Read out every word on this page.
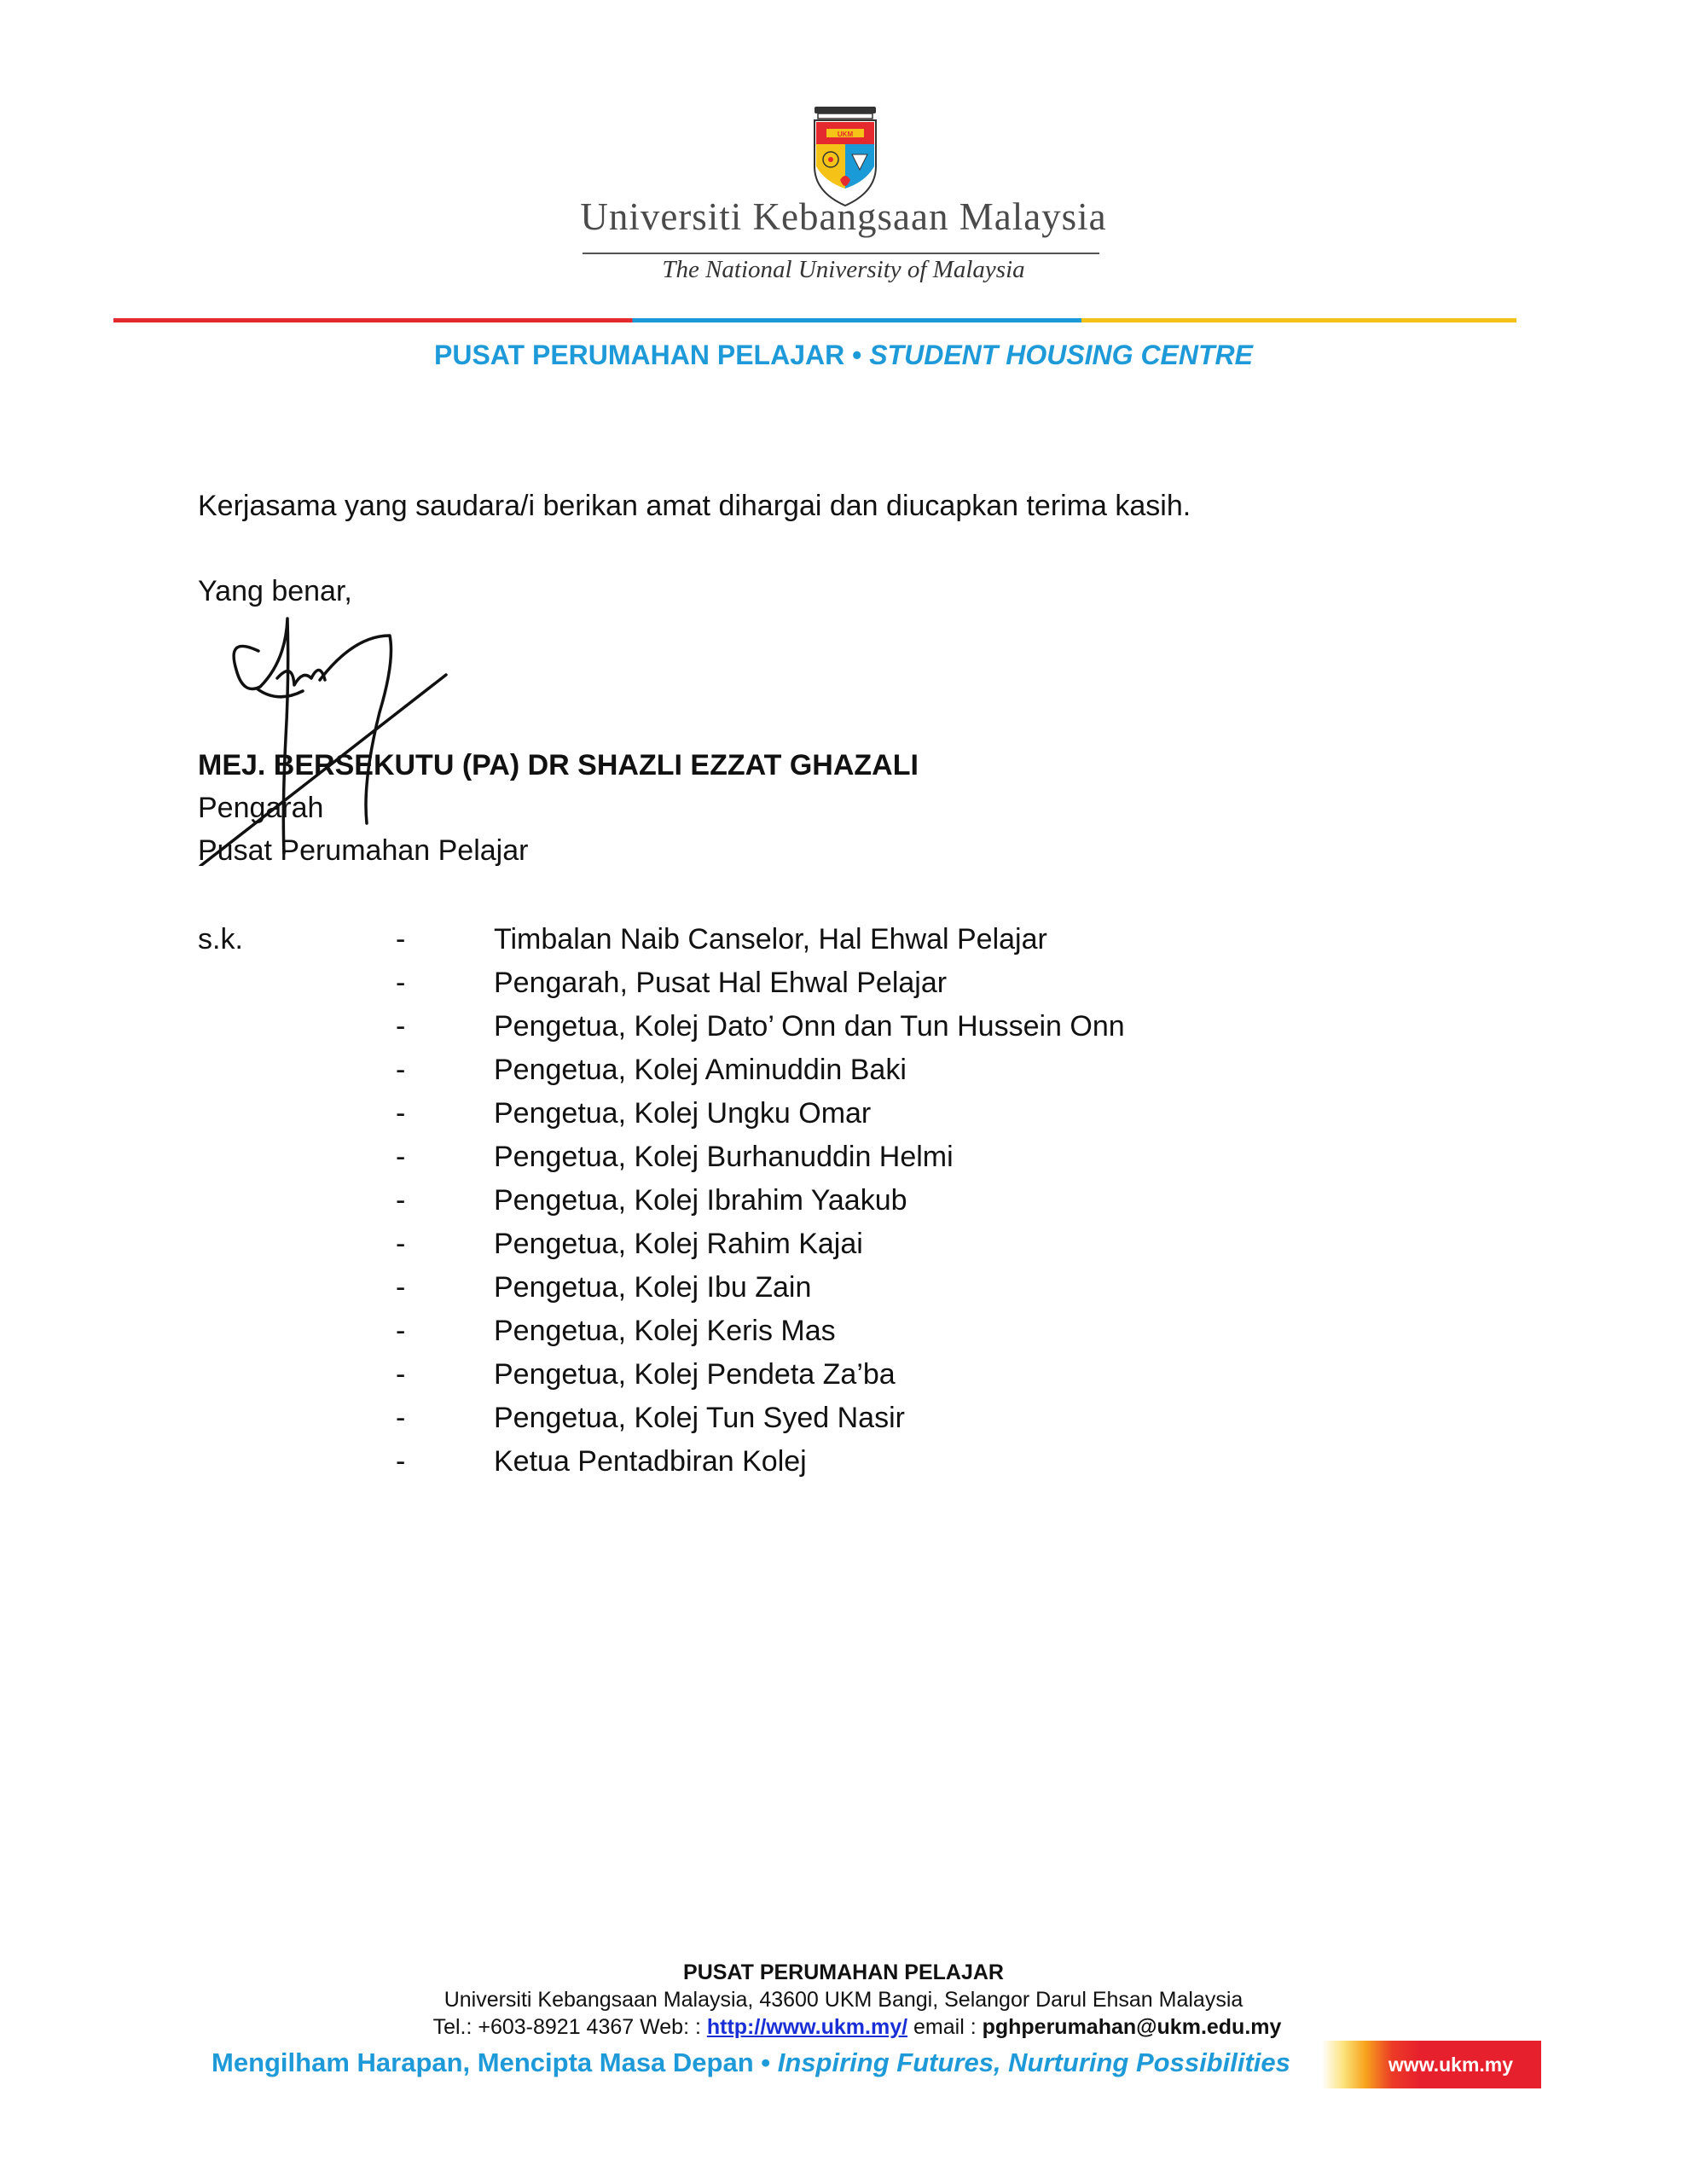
UKM
Universiti Kebangsaan Malaysia
The National University of Malaysia
PUSAT PERUMAHAN PELAJAR • STUDENT HOUSING CENTRE
Kerjasama yang saudara/i berikan amat dihargai dan diucapkan terima kasih.
Yang benar,
MEJ. BERSEKUTU (PA) DR SHAZLI EZZAT GHAZALI
Pengarah
Pusat Perumahan Pelajar
s.k.	-	Timbalan Naib Canselor, Hal Ehwal Pelajar
-	Pengarah, Pusat Hal Ehwal Pelajar
-	Pengetua, Kolej Dato’ Onn dan Tun Hussein Onn
-	Pengetua, Kolej Aminuddin Baki
-	Pengetua, Kolej Ungku Omar
-	Pengetua, Kolej Burhanuddin Helmi
-	Pengetua, Kolej Ibrahim Yaakub
-	Pengetua, Kolej Rahim Kajai
-	Pengetua, Kolej Ibu Zain
-	Pengetua, Kolej Keris Mas
-	Pengetua, Kolej Pendeta Za’ba
-	Pengetua, Kolej Tun Syed Nasir
-	Ketua Pentadbiran Kolej
PUSAT PERUMAHAN PELAJAR
Universiti Kebangsaan Malaysia, 43600 UKM Bangi, Selangor Darul Ehsan Malaysia
Tel.: +603-8921 4367 Web: : http://www.ukm.my/ email : pghperumahan@ukm.edu.my
Mengilham Harapan, Mencipta Masa Depan • Inspiring Futures, Nurturing Possibilities	www.ukm.my
